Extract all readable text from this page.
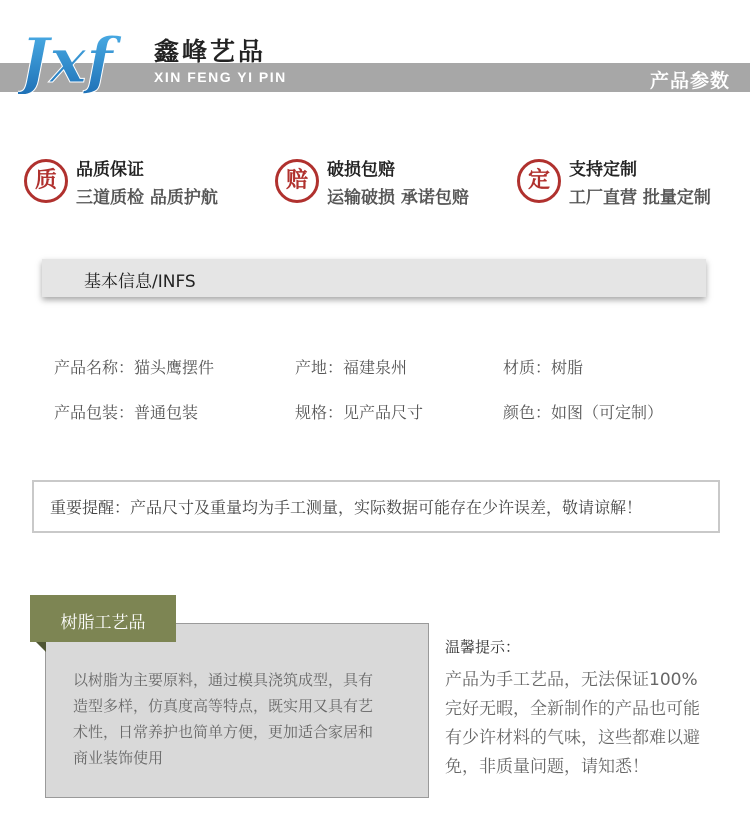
Jxf	鑫峰艺品
XIN FENG YI PIN	产品参数
质	品质保证
三道质检 品质护航
赔	破损包赔
运输破损 承诺包赔
定	支持定制
工厂直营 批量定制
基本信息/INFS
产品名称：猫头鹰摆件	产地：福建泉州	材质：树脂
产品包装：普通包装	规格：见产品尺寸	颜色：如图（可定制）
重要提醒：产品尺寸及重量均为手工测量，实际数据可能存在少许误差，敬请谅解！
树脂工艺品
以树脂为主要原料，通过模具浇筑成型，具有
造型多样，仿真度高等特点，既实用又具有艺
术性，日常养护也简单方便，更加适合家居和
商业装饰使用
温馨提示：
产品为手工艺品，无法保证100%
完好无暇，全新制作的产品也可能
有少许材料的气味，这些都难以避
免，非质量问题，请知悉！
